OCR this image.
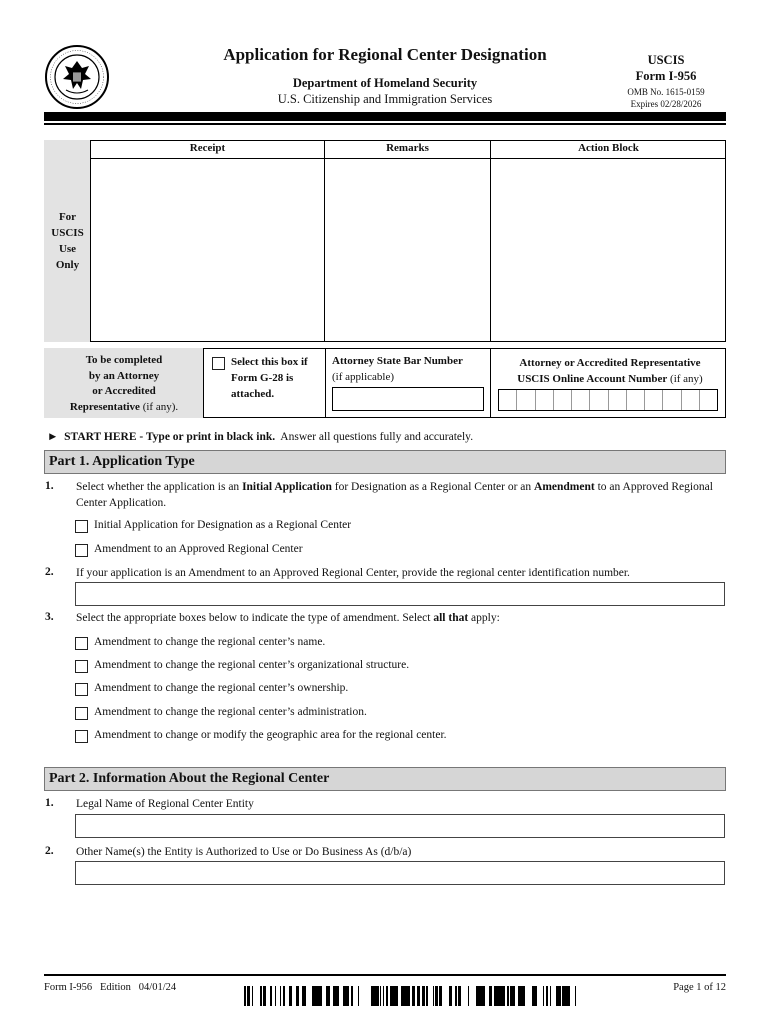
Application for Regional Center Designation
Department of Homeland Security
U.S. Citizenship and Immigration Services
USCIS
Form I-956
OMB No. 1615-0159
Expires 02/28/2026
For
USCIS
Use
Only
Receipt	Remarks	Action Block
To be completed
by an Attorney
or Accredited
Representative (if any).
Select this box if
Form G-28 is
attached.
Attorney State Bar Number
(if applicable)
Attorney or Accredited Representative
USCIS Online Account Number (if any)
► START HERE - Type or print in black ink.  Answer all questions fully and accurately.
Part 1. Application Type
1. Select whether the application is an Initial Application for Designation as a Regional Center or an Amendment to an Approved Regional Center Application.
Initial Application for Designation as a Regional Center
Amendment to an Approved Regional Center
2. If your application is an Amendment to an Approved Regional Center, provide the regional center identification number.
3. Select the appropriate boxes below to indicate the type of amendment. Select all that apply:
Amendment to change the regional center’s name.
Amendment to change the regional center’s organizational structure.
Amendment to change the regional center’s ownership.
Amendment to change the regional center’s administration.
Amendment to change or modify the geographic area for the regional center.
Part 2. Information About the Regional Center
1. Legal Name of Regional Center Entity
2. Other Name(s) the Entity is Authorized to Use or Do Business As (d/b/a)
Form I-956   Edition   04/01/24	Page 1 of 12
